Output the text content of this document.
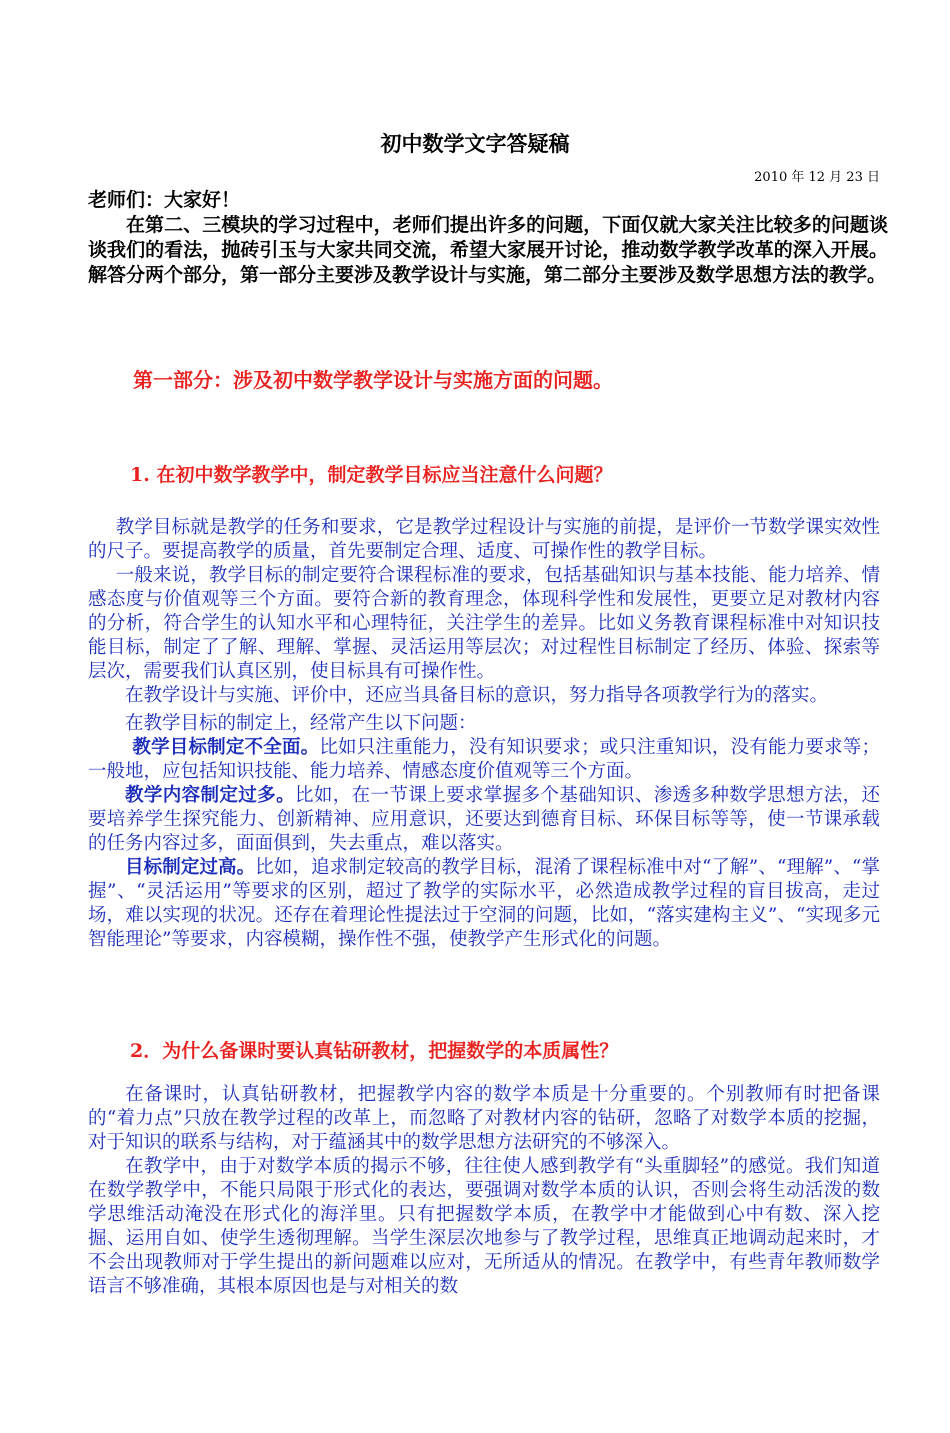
初中数学文字答疑稿
2010 年 12 月 23 日

老师们：大家好！

在第二、三模块的学习过程中，老师们提出许多的问题，下面仅就大家关注比较多的问题谈谈我们的看法，抛砖引玉与大家共同交流，希望大家展开讨论，推动数学教学改革的深入开展。解答分两个部分，第一部分主要涉及教学设计与实施，第二部分主要涉及数学思想方法的教学。

第一部分：涉及初中数学教学设计与实施方面的问题。
1. 在初中数学教学中，制定教学目标应当注意什么问题？

教学目标就是教学的任务和要求，它是教学过程设计与实施的前提，是评价一节数学课实效性的尺子。要提高教学的质量，首先要制定合理、适度、可操作性的教学目标。

一般来说，教学目标的制定要符合课程标准的要求，包括基础知识与基本技能、能力培养、情感态度与价值观等三个方面。要符合新的教育理念，体现科学性和发展性，更要立足对教材内容的分析，符合学生的认知水平和心理特征，关注学生的差异。比如义务教育课程标准中对知识技能目标，制定了了解、理解、掌握、灵活运用等层次；对过程性目标制定了经历、体验、探索等层次，需要我们认真区别，使目标具有可操作性。

在教学设计与实施、评价中，还应当具备目标的意识，努力指导各项教学行为的落实。

在教学目标的制定上，经常产生以下问题：

教学目标制定不全面。比如只注重能力，没有知识要求；或只注重知识，没有能力要求等；一般地，应包括知识技能、能力培养、情感态度价值观等三个方面。

教学内容制定过多。比如，在一节课上要求掌握多个基础知识、渗透多种数学思想方法，还要培养学生探究能力、创新精神、应用意识，还要达到德育目标、环保目标等等，使一节课承载的任务内容过多，面面俱到，失去重点，难以落实。

目标制定过高。比如，追求制定较高的教学目标，混淆了课程标准中对“了解”、“理解”、“掌握”、“灵活运用”等要求的区别，超过了教学的实际水平，必然造成教学过程的盲目拔高，走过场，难以实现的状况。还存在着理论性提法过于空洞的问题，比如，“落实建构主义”、“实现多元智能理论”等要求，内容模糊，操作性不强，使教学产生形式化的问题。

2．为什么备课时要认真钻研教材，把握数学的本质属性？

在备课时，认真钻研教材，把握教学内容的数学本质是十分重要的。个别教师有时把备课的“着力点”只放在教学过程的改革上，而忽略了对教材内容的钻研，忽略了对数学本质的挖掘，对于知识的联系与结构，对于蕴涵其中的数学思想方法研究的不够深入。

在教学中，由于对数学本质的揭示不够，往往使人感到教学有“头重脚轻”的感觉。我们知道在数学教学中，不能只局限于形式化的表达，要强调对数学本质的认识，否则会将生动活泼的数学思维活动淹没在形式化的海洋里。只有把握数学本质，在教学中才能做到心中有数、深入挖掘、运用自如、使学生透彻理解。当学生深层次地参与了教学过程，思维真正地调动起来时，才不会出现教师对于学生提出的新问题难以应对，无所适从的情况。在教学中，有些青年教师数学语言不够准确，其根本原因也是与对相关的数
